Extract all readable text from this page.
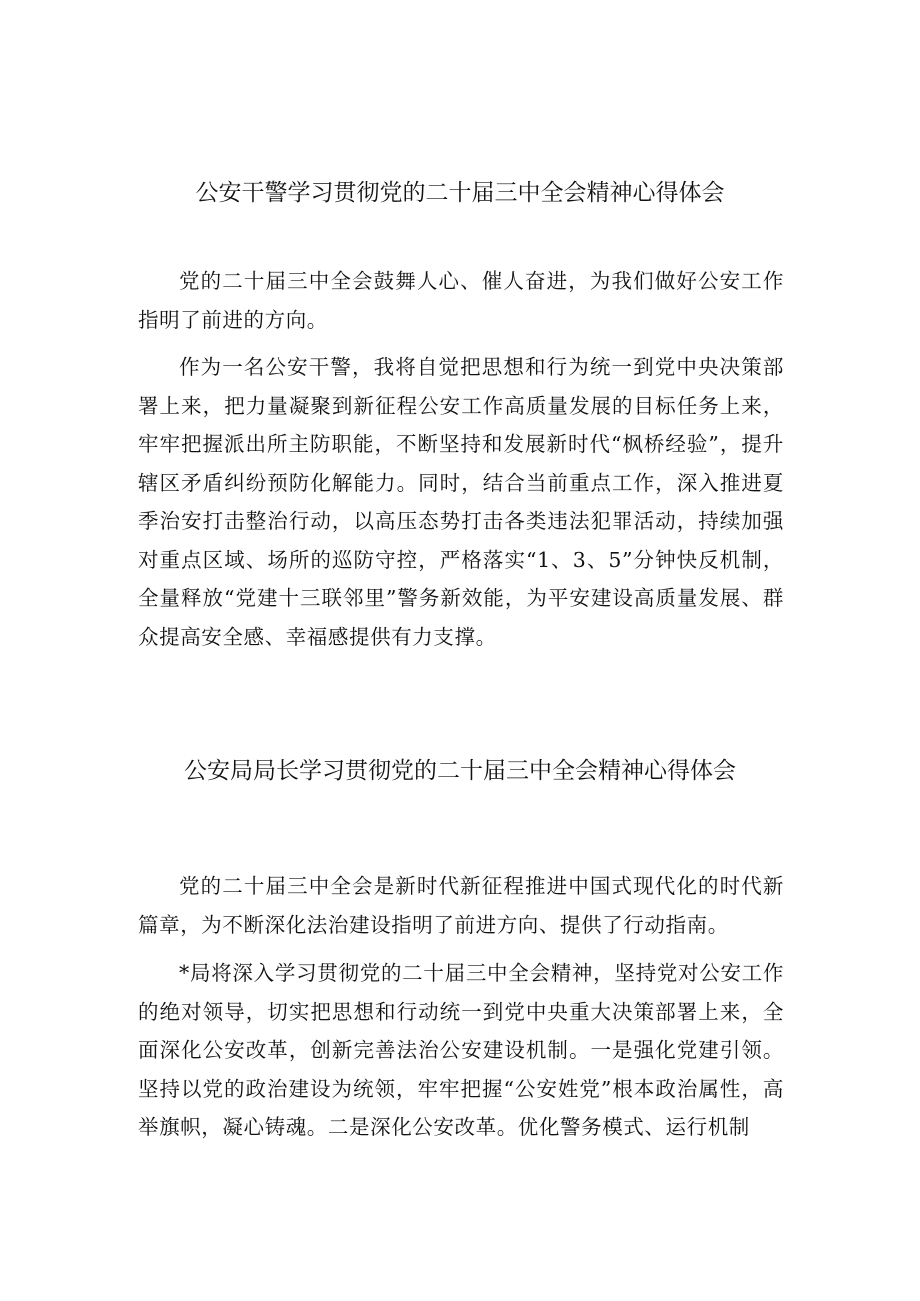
公安干警学习贯彻党的二十届三中全会精神心得体会

党的二十届三中全会鼓舞人心、催人奋进，为我们做好公安工作指明了前进的方向。

作为一名公安干警，我将自觉把思想和行为统一到党中央决策部署上来，把力量凝聚到新征程公安工作高质量发展的目标任务上来，牢牢把握派出所主防职能，不断坚持和发展新时代“枫桥经验”，提升辖区矛盾纠纷预防化解能力。同时，结合当前重点工作，深入推进夏季治安打击整治行动，以高压态势打击各类违法犯罪活动，持续加强对重点区域、场所的巡防守控，严格落实“1、3、5”分钟快反机制，全量释放“党建十三联邻里”警务新效能，为平安建设高质量发展、群众提高安全感、幸福感提供有力支撑。

公安局局长学习贯彻党的二十届三中全会精神心得体会

党的二十届三中全会是新时代新征程推进中国式现代化的时代新篇章，为不断深化法治建设指明了前进方向、提供了行动指南。

*局将深入学习贯彻党的二十届三中全会精神，坚持党对公安工作的绝对领导，切实把思想和行动统一到党中央重大决策部署上来，全面深化公安改革，创新完善法治公安建设机制。一是强化党建引领。坚持以党的政治建设为统领，牢牢把握“公安姓党”根本政治属性，高举旗帜，凝心铸魂。二是深化公安改革。优化警务模式、运行机制
